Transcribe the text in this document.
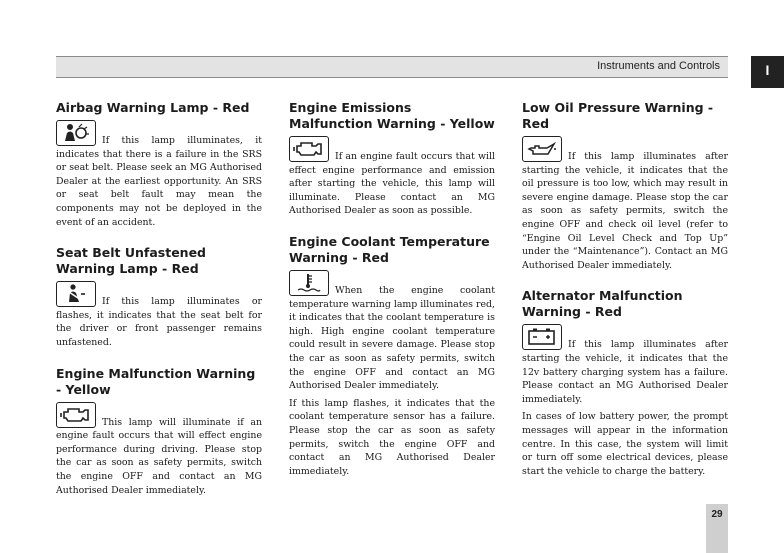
Instruments and Controls	I
Airbag Warning Lamp - Red

If this lamp illuminates, it indicates that there is a failure in the SRS or seat belt. Please seek an MG Authorised Dealer at the earliest opportunity. An SRS or seat belt fault may mean the components may not be deployed in the event of an accident.

Seat Belt Unfastened Warning Lamp - Red

If this lamp illuminates or flashes, it indicates that the seat belt for the driver or front passenger remains unfastened.

Engine Malfunction Warning - Yellow

This lamp will illuminate if an engine fault occurs that will effect engine performance during driving. Please stop the car as soon as safety permits, switch the engine OFF and contact an MG Authorised Dealer immediately.

Engine Emissions Malfunction Warning - Yellow

If an engine fault occurs that will effect engine performance and emission after starting the vehicle, this lamp will illuminate. Please contact an MG Authorised Dealer as soon as possible.

Engine Coolant Temperature Warning - Red

When the engine coolant temperature warning lamp illuminates red, it indicates that the coolant temperature is high. High engine coolant temperature could result in severe damage. Please stop the car as soon as safety permits, switch the engine OFF and contact an MG Authorised Dealer immediately.

If this lamp flashes, it indicates that the coolant temperature sensor has a failure. Please stop the car as soon as safety permits, switch the engine OFF and contact an MG Authorised Dealer immediately.

Low Oil Pressure Warning - Red

If this lamp illuminates after starting the vehicle, it indicates that the oil pressure is too low, which may result in severe engine damage. Please stop the car as soon as safety permits, switch the engine OFF and check oil level (refer to “Engine Oil Level Check and Top Up” under the “Maintenance”). Contact an MG Authorised Dealer immediately.

Alternator Malfunction Warning - Red

If this lamp illuminates after starting the vehicle, it indicates that the 12v battery charging system has a failure. Please contact an MG Authorised Dealer immediately.

In cases of low battery power, the prompt messages will appear in the information centre. In this case, the system will limit or turn off some electrical devices, please start the vehicle to charge the battery.

29
